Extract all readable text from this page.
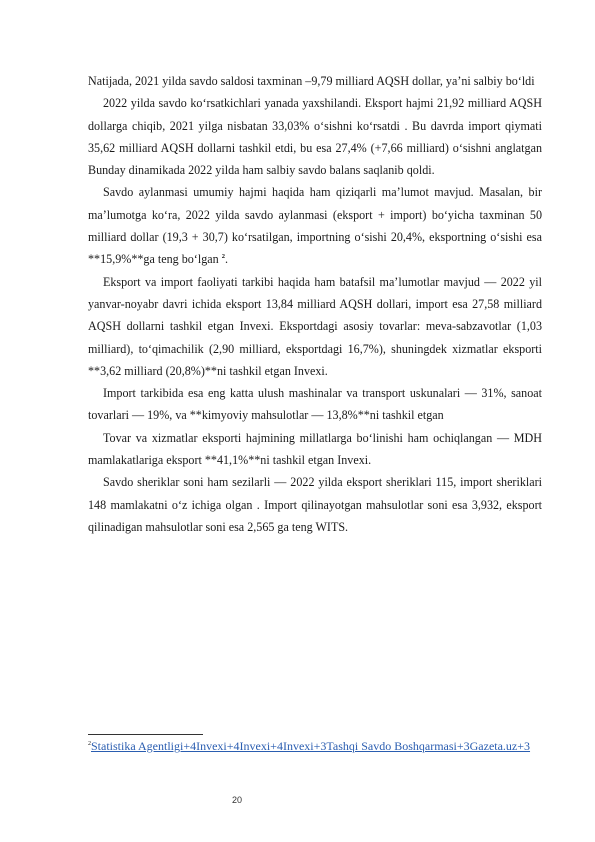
Natijada, 2021 yilda savdo saldosi taxminan –9,79 milliard AQSH dollar, ya’ni salbiy bo‘ldi

2022 yilda savdo ko‘rsatkichlari yanada yaxshilandi. Eksport hajmi 21,92 milliard AQSH dollarga chiqib, 2021 yilga nisbatan 33,03% o‘sishni ko‘rsatdi . Bu davrda import qiymati 35,62 milliard AQSH dollarni tashkil etdi, bu esa 27,4% (+7,66 milliard) o‘sishni anglatgan Bunday dinamikada 2022 yilda ham salbiy savdo balans saqlanib qoldi.

Savdo aylanmasi umumiy hajmi haqida ham qiziqarli ma’lumot mavjud. Masalan, bir ma’lumotga ko‘ra, 2022 yilda savdo aylanmasi (eksport + import) bo‘yicha taxminan 50 milliard dollar (19,3 + 30,7) ko‘rsatilgan, importning o‘sishi 20,4%, eksportning o‘sishi esa **15,9%**ga teng bo‘lgan $^2$.

Eksport va import faoliyati tarkibi haqida ham batafsil ma’lumotlar mavjud — 2022 yil yanvar-noyabr davri ichida eksport 13,84 milliard AQSH dollari, import esa 27,58 milliard AQSH dollarni tashkil etgan Invexi. Eksportdagi asosiy tovarlar: meva-sabzavotlar (1,03 milliard), to‘qimachilik (2,90 milliard, eksportdagi 16,7%), shuningdek xizmatlar eksporti **3,62 milliard (20,8%)**ni tashkil etgan Invexi.

Import tarkibida esa eng katta ulush mashinalar va transport uskunalari — 31%, sanoat tovarlari — 19%, va **kimyoviy mahsulotlar — 13,8%**ni tashkil etgan

Tovar va xizmatlar eksporti hajmining millatlarga bo‘linishi ham ochiqlangan — MDH mamlakatlariga eksport **41,1%**ni tashkil etgan Invexi.

Savdo sheriklar soni ham sezilarli — 2022 yilda eksport sheriklari 115, import sheriklari 148 mamlakatni o‘z ichiga olgan . Import qilinayotgan mahsulotlar soni esa 3,932, eksport qilinadigan mahsulotlar soni esa 2,565 ga teng WITS.

$^2$Statistika Agentligi+4Invexi+4Invexi+4Invexi+3Tashqi Savdo Boshqarmasi+3Gazeta.uz+3
20
